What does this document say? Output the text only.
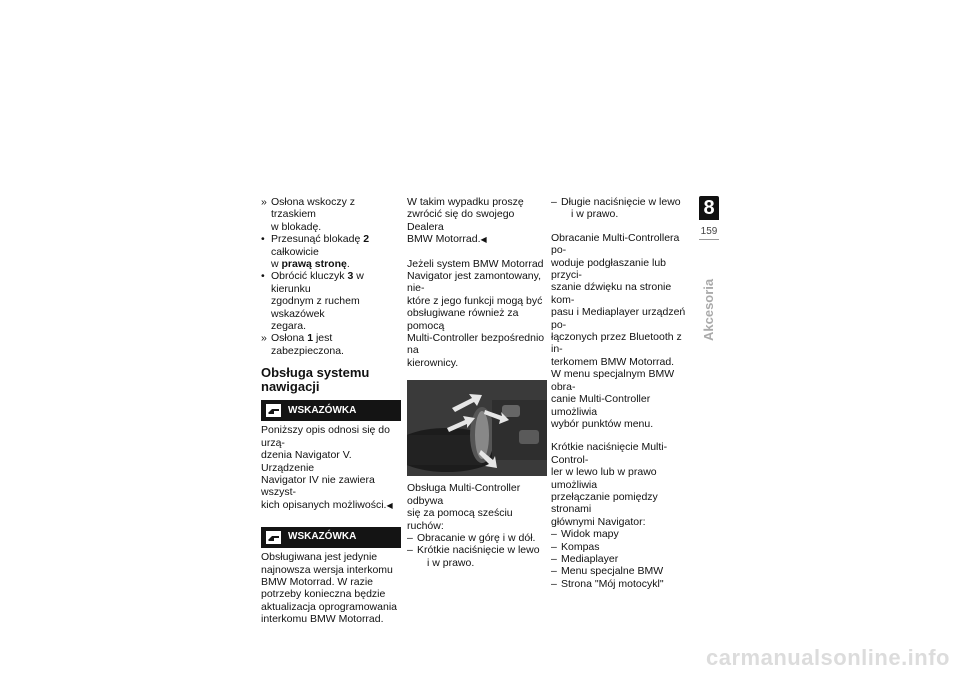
» Osłona wskoczy z trzaskiem
w blokadę.
• Przesunąć blokadę 2 całkowicie
w prawą stronę.
• Obrócić kluczyk 3 w kierunku
zgodnym z ruchem wskazówek
zegara.
» Osłona 1 jest zabezpieczona.
Obsługa systemu
nawigacji
WSKAZÓWKA

Poniższy opis odnosi się do urzą-
dzenia Navigator V. Urządzenie
Navigator IV nie zawiera wszyst-
kich opisanych możliwości.◀

WSKAZÓWKA

Obsługiwana jest jedynie
najnowsza wersja interkomu
BMW Motorrad. W razie
potrzeby konieczna będzie
aktualizacja oprogramowania
interkomu BMW Motorrad.

W takim wypadku proszę
zwrócić się do swojego Dealera
BMW Motorrad.◀

Jeżeli system BMW Motorrad
Navigator jest zamontowany, nie-
które z jego funkcji mogą być
obsługiwane również za pomocą
Multi-Controller bezpośrednio na
kierownicy.

Obsługa Multi-Controller odbywa
się za pomocą sześciu ruchów:

– Obracanie w górę i w dół.
– Krótkie naciśnięcie w lewo
i w prawo.
– Długie naciśnięcie w lewo
i w prawo.

Obracanie Multi-Controllera po-
woduje podgłaszanie lub przyci-
szanie dźwięku na stronie kom-
pasu i Mediaplayer urządzeń po-
łączonych przez Bluetooth z in-
terkomem BMW Motorrad.
W menu specjalnym BMW obra-
canie Multi-Controller umożliwia
wybór punktów menu.

Krótkie naciśnięcie Multi-Control-
ler w lewo lub w prawo umożliwia
przełączanie pomiędzy stronami
głównymi Navigator:

– Widok mapy
– Kompas
– Mediaplayer
– Menu specjalne BMW
– Strona "Mój motocykl"
8
159
Akcesoria
carmanualsonline.info
